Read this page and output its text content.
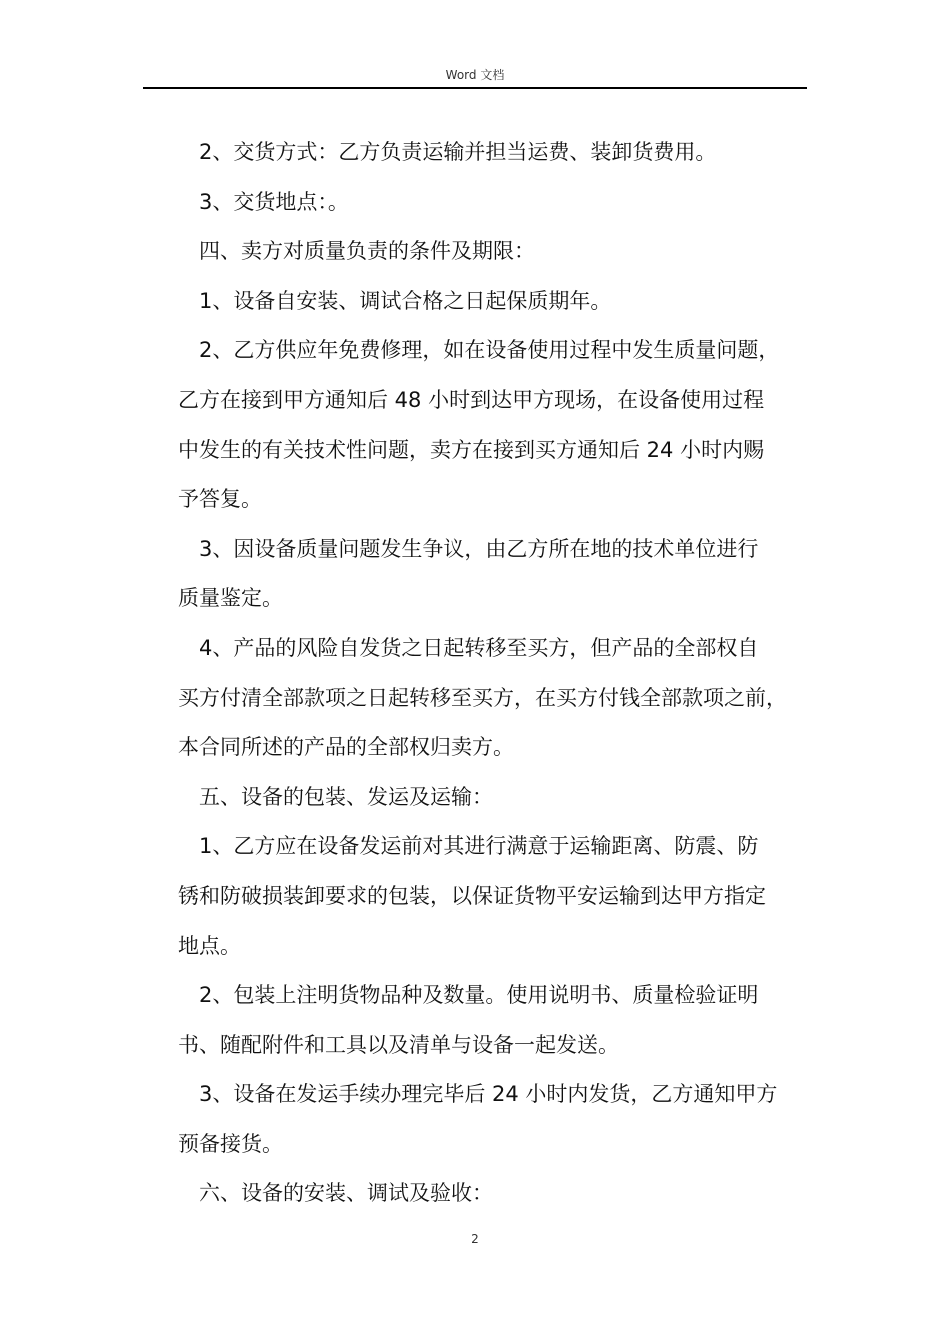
Word 文档
2、交货方式：乙方负责运输并担当运费、装卸货费用。
3、交货地点：。
四、卖方对质量负责的条件及期限：
1、设备自安装、调试合格之日起保质期年。
2、乙方供应年免费修理，如在设备使用过程中发生质量问题，
乙方在接到甲方通知后 48 小时到达甲方现场，在设备使用过程
中发生的有关技术性问题，卖方在接到买方通知后 24 小时内赐
予答复。
3、因设备质量问题发生争议，由乙方所在地的技术单位进行
质量鉴定。
4、产品的风险自发货之日起转移至买方，但产品的全部权自
买方付清全部款项之日起转移至买方，在买方付钱全部款项之前，
本合同所述的产品的全部权归卖方。
五、设备的包装、发运及运输：
1、乙方应在设备发运前对其进行满意于运输距离、防震、防
锈和防破损装卸要求的包装，以保证货物平安运输到达甲方指定
地点。
2、包装上注明货物品种及数量。使用说明书、质量检验证明
书、随配附件和工具以及清单与设备一起发送。
3、设备在发运手续办理完毕后 24 小时内发货，乙方通知甲方
预备接货。
六、设备的安装、调试及验收：
2
